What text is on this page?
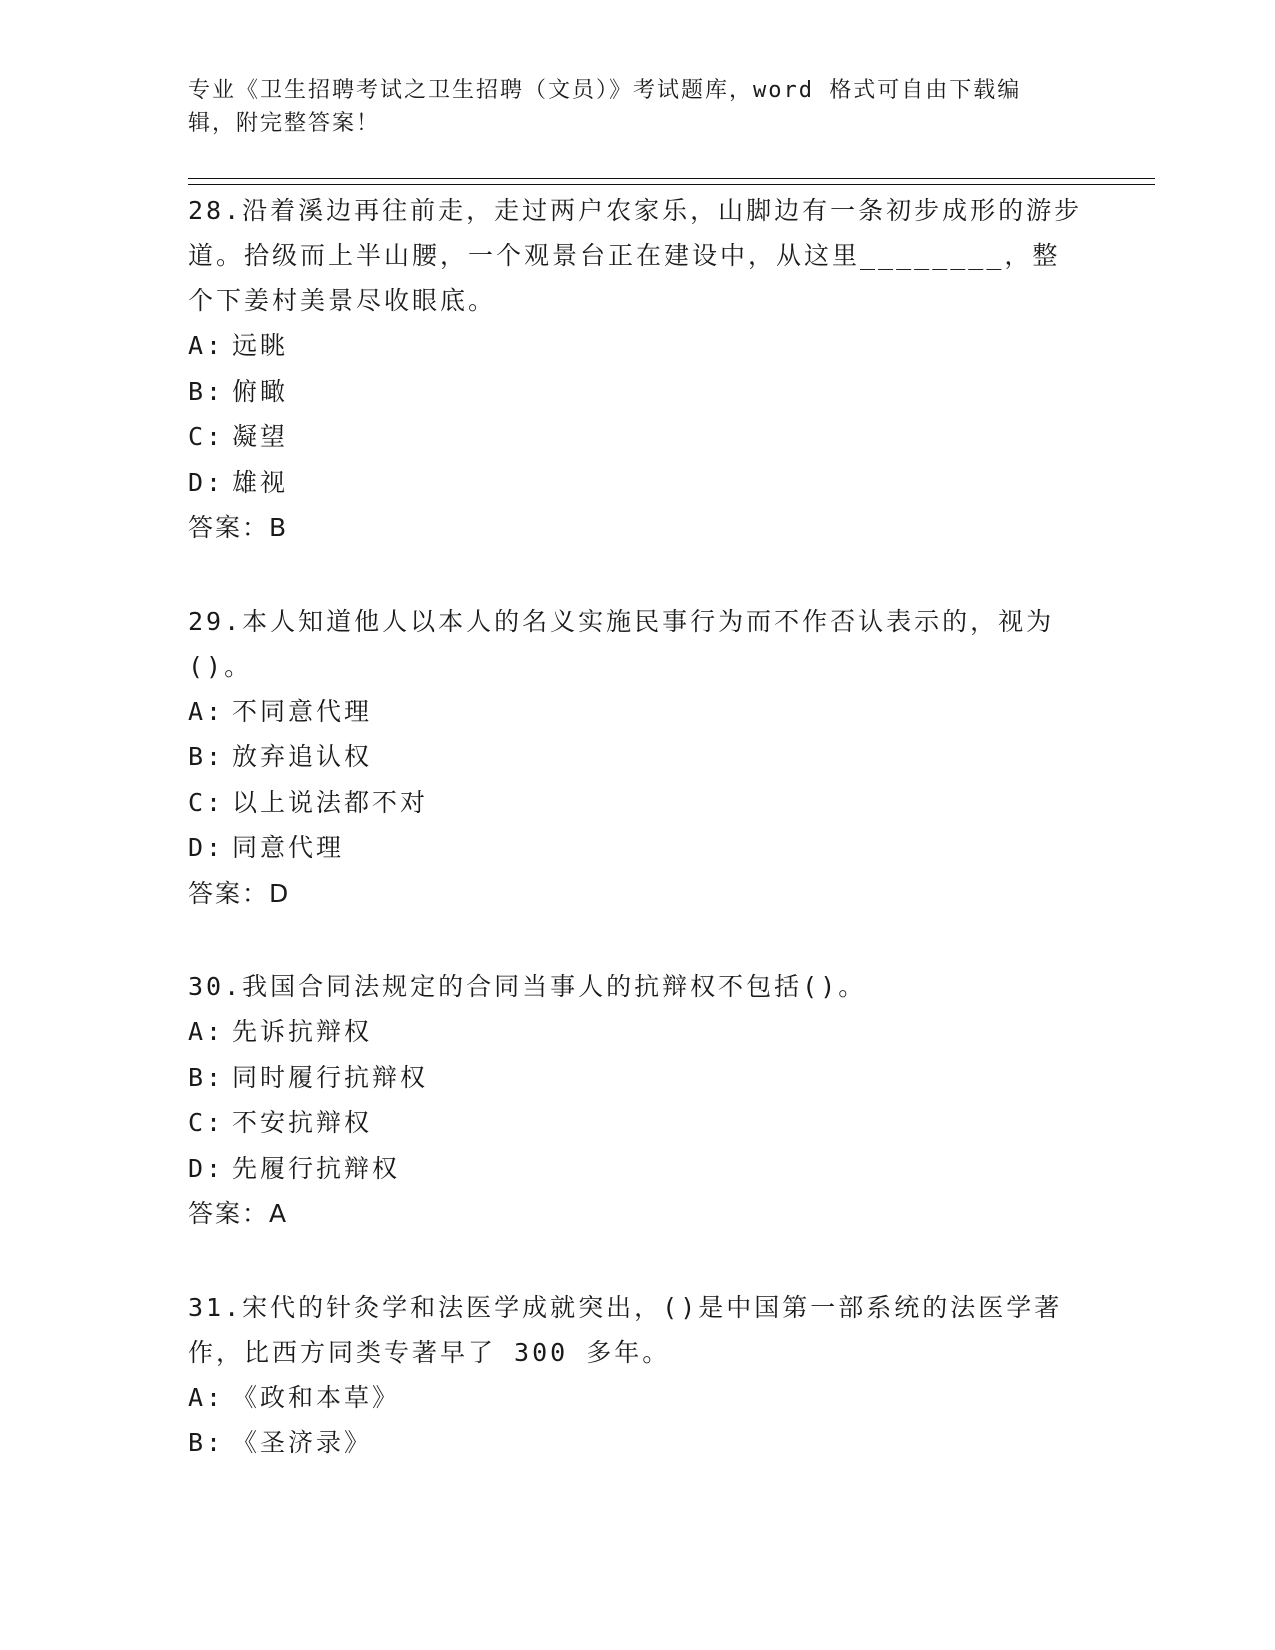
专业《卫生招聘考试之卫生招聘（文员）》考试题库，word 格式可自由下载编辑，附完整答案！

28.沿着溪边再往前走，走过两户农家乐，山脚边有一条初步成形的游步道。拾级而上半山腰，一个观景台正在建设中，从这里________，整个下姜村美景尽收眼底。

A: 远眺

B: 俯瞰

C: 凝望

D: 雄视

答案：B

29.本人知道他人以本人的名义实施民事行为而不作否认表示的，视为()。

A: 不同意代理

B: 放弃追认权

C: 以上说法都不对

D: 同意代理

答案：D

30.我国合同法规定的合同当事人的抗辩权不包括()。

A: 先诉抗辩权

B: 同时履行抗辩权

C: 不安抗辩权

D: 先履行抗辩权

答案：A

31.宋代的针灸学和法医学成就突出，()是中国第一部系统的法医学著作，比西方同类专著早了 300 多年。

A: 《政和本草》

B: 《圣济录》
